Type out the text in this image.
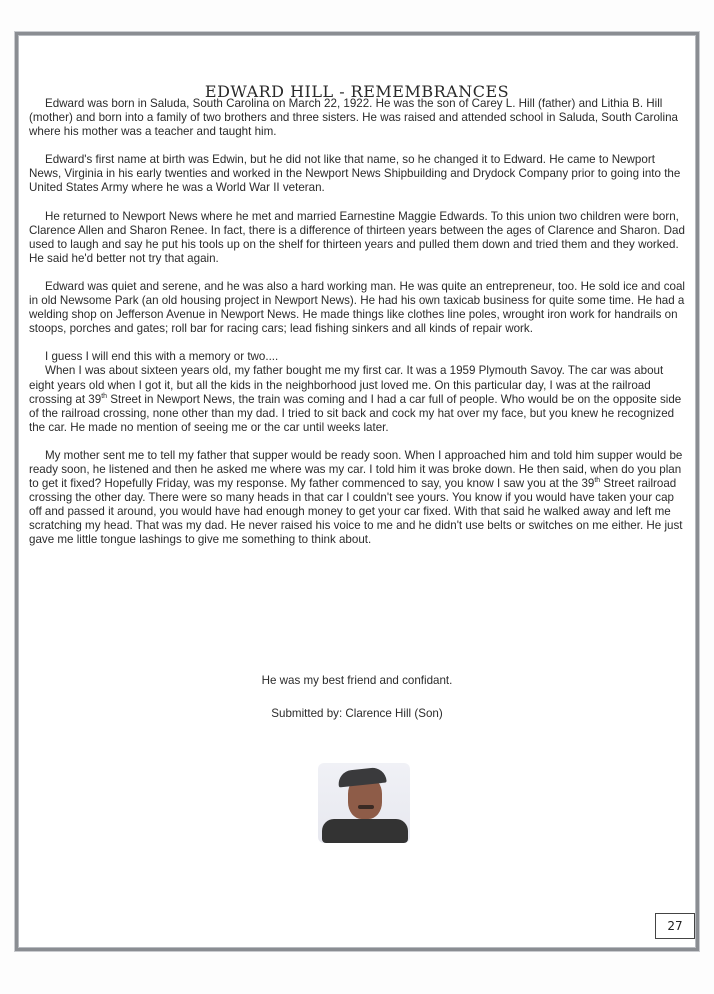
EDWARD HILL - REMEMBRANCES

Edward was born in Saluda, South Carolina on March 22, 1922. He was the son of Carey L. Hill (father) and Lithia B. Hill (mother) and born into a family of two brothers and three sisters. He was raised and attended school in Saluda, South Carolina where his mother was a teacher and taught him.

Edward's first name at birth was Edwin, but he did not like that name, so he changed it to Edward. He came to Newport News, Virginia in his early twenties and worked in the Newport News Shipbuilding and Drydock Company prior to going into the United States Army where he was a World War II veteran.

He returned to Newport News where he met and married Earnestine Maggie Edwards. To this union two children were born, Clarence Allen and Sharon Renee. In fact, there is a difference of thirteen years between the ages of Clarence and Sharon. Dad used to laugh and say he put his tools up on the shelf for thirteen years and pulled them down and tried them and they worked. He said he'd better not try that again.

Edward was quiet and serene, and he was also a hard working man. He was quite an entrepreneur, too. He sold ice and coal in old Newsome Park (an old housing project in Newport News). He had his own taxicab business for quite some time. He had a welding shop on Jefferson Avenue in Newport News. He made things like clothes line poles, wrought iron work for handrails on stoops, porches and gates; roll bar for racing cars; lead fishing sinkers and all kinds of repair work.

I guess I will end this with a memory or two....

When I was about sixteen years old, my father bought me my first car. It was a 1959 Plymouth Savoy. The car was about eight years old when I got it, but all the kids in the neighborhood just loved me. On this particular day, I was at the railroad crossing at 39th Street in Newport News, the train was coming and I had a car full of people. Who would be on the opposite side of the railroad crossing, none other than my dad. I tried to sit back and cock my hat over my face, but you knew he recognized the car. He made no mention of seeing me or the car until weeks later.

My mother sent me to tell my father that supper would be ready soon. When I approached him and told him supper would be ready soon, he listened and then he asked me where was my car. I told him it was broke down. He then said, when do you plan to get it fixed? Hopefully Friday, was my response. My father commenced to say, you know I saw you at the 39th Street railroad crossing the other day. There were so many heads in that car I couldn't see yours. You know if you would have taken your cap off and passed it around, you would have had enough money to get your car fixed. With that said he walked away and left me scratching my head. That was my dad. He never raised his voice to me and he didn't use belts or switches on me either. He just gave me little tongue lashings to give me something to think about.

He was my best friend and confidant.
Submitted by: Clarence Hill (Son)
27
